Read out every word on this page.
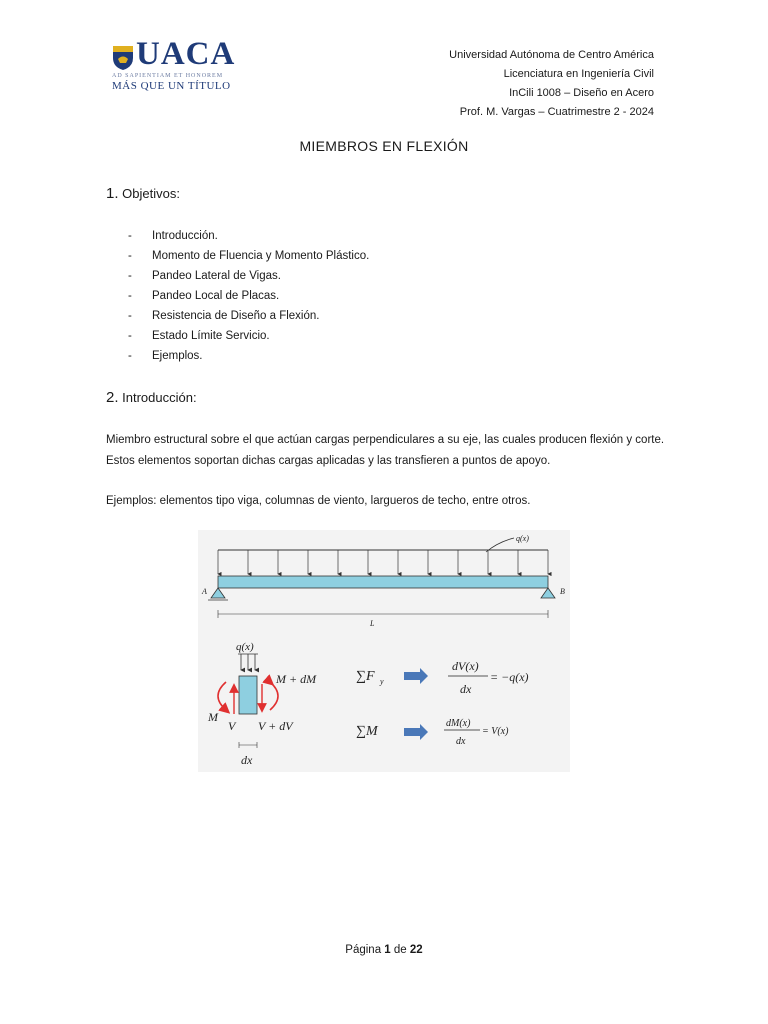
UACA
AD SAPIENTIAM ET HONOREM
MÁS QUE UN TÍTULO
Universidad Autónoma de Centro América
Licenciatura en Ingeniería Civil
InCili 1008 – Diseño en Acero
Prof. M. Vargas – Cuatrimestre 2 - 2024
MIEMBROS EN FLEXIÓN
1. Objetivos:
- Introducción.
- Momento de Fluencia y Momento Plástico.
- Pandeo Lateral de Vigas.
- Pandeo Local de Placas.
- Resistencia de Diseño a Flexión.
- Estado Límite Servicio.
- Ejemplos.
2. Introducción:
Miembro estructural sobre el que actúan cargas perpendiculares a su eje, las cuales producen flexión y corte. Estos elementos soportan dichas cargas aplicadas y las transfieren a puntos de apoyo.
Ejemplos: elementos tipo viga, columnas de viento, largueros de techo, entre otros.
q(x)
A	B
L
q(x)
M + dM
M
V V + dV
dx
∑F y
dV(x)
dx
= −q(x)
∑M
dM(x)
dx
= V(x)
Página 1 de 22
